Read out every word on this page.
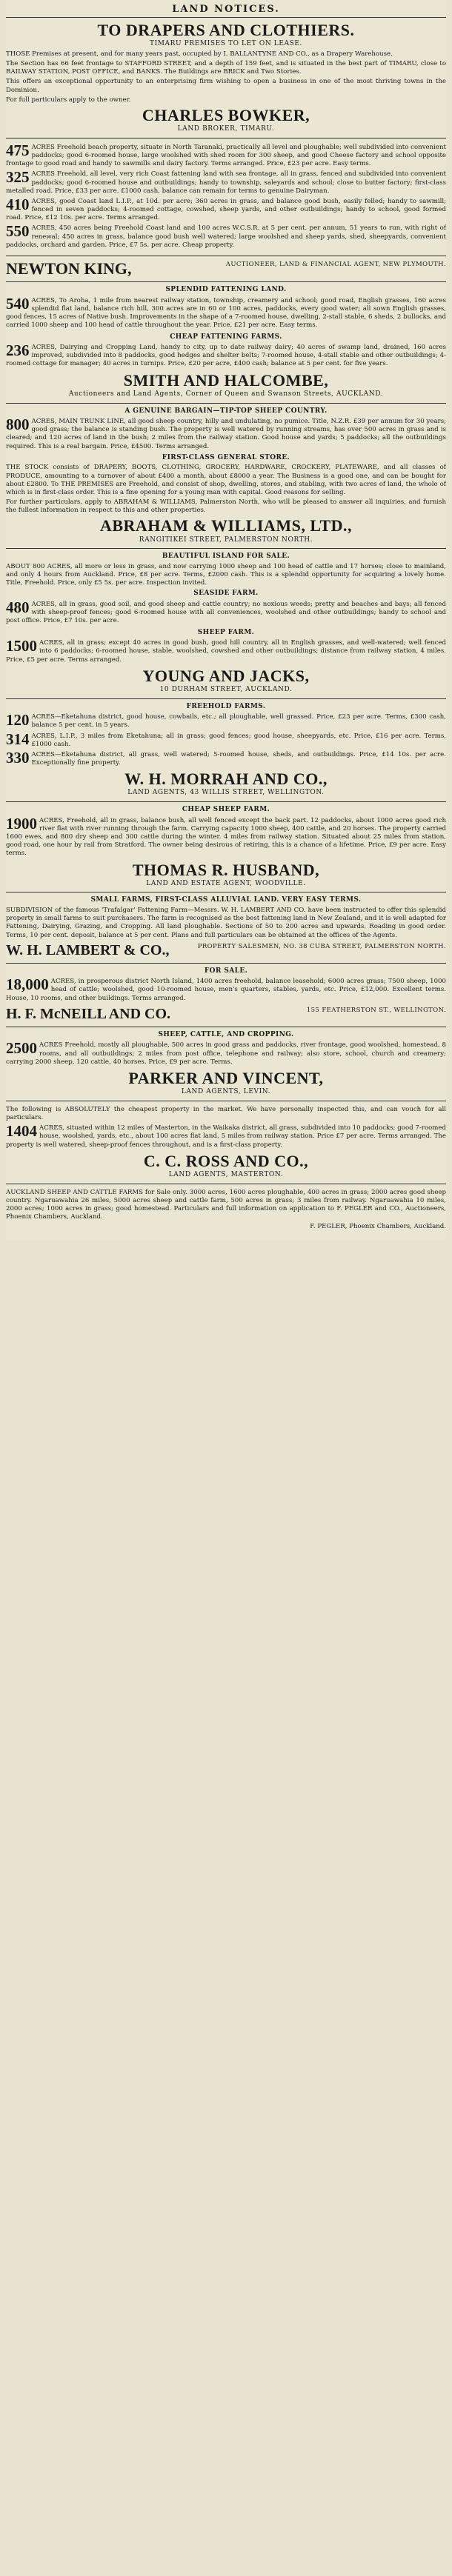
LAND NOTICES.
TO DRAPERS AND CLOTHIERS.
TIMARU PREMISES TO LET ON LEASE.
THOSE Premises at present, and for many years past, occupied by I. BALLANTYNE AND CO., as a Drapery Warehouse.
The Section has 66 feet frontage to STAFFORD STREET, and a depth of 159 feet, and is situated in the best part of TIMARU, close to RAILWAY STATION, POST OFFICE, and BANKS. The Buildings are BRICK and Two Stories.
This offers an exceptional opportunity to an enterprising firm wishing to open a business in one of the most thriving towns in the Dominion.
For full particulars apply to the owner.
CHARLES BOWKER,
LAND BROKER, TIMARU.
475 ACRES Freehold beach property, situate in North Taranaki, practically all level and ploughable; well subdivided into convenient paddocks; good 6-roomed house, large woolshed with shed room for 300 sheep, and good Cheese factory and school opposite frontage to good road and handy to sawmills and dairy factory. Terms arranged. Price, £23 per acre. Easy terms.
325 ACRES Freehold, all level, very rich Coast fattening land with sea frontage, all in grass, fenced and subdivided into convenient paddocks; good 6-roomed house and outbuildings; handy to township, saleyards and school; close to butter factory; first-class metalled road. Price, £33 per acre. £1000 cash, balance can remain for terms to genuine Dairyman.
410 ACRES, good Coast land L.I.P., at 10d. per acre; 360 acres in grass, and balance good bush, easily felled; handy to sawmill; fenced in seven paddocks; 4-roomed cottage, cowshed, sheep yards, and other outbuildings; handy to school, good formed road. Price, £12 10s. per acre. Terms arranged.
550 ACRES, 450 acres being Freehold Coast land and 100 acres W.C.S.R. at 5 per cent. per annum, 51 years to run, with right of renewal; 450 acres in grass, balance good bush well watered; large woolshed and sheep yards, shed, sheepyards, convenient paddocks, orchard and garden. Price, £7 5s. per acre. Cheap property.
NEWTON KING,	AUCTIONEER, LAND & FINANCIAL AGENT, NEW PLYMOUTH.
SPLENDID FATTENING LAND.
540 ACRES, To Aroha, 1 mile from nearest railway station, township, creamery and school; good road, English grasses, 160 acres splendid flat land, balance rich hill, 300 acres are in 60 or 100 acres, paddocks, every good water; all sown English grasses, good fences, 15 acres of Native bush. Improvements in the shape of a 7-roomed house, dwelling, 2-stall stable, 6 sheds, 2 bullocks, and carried 1000 sheep and 100 head of cattle throughout the year. Price, £21 per acre. Easy terms.
CHEAP FATTENING FARMS.
236 ACRES, Dairying and Cropping Land, handy to city, up to date railway dairy; 40 acres of swamp land, drained, 160 acres improved, subdivided into 8 paddocks, good hedges and shelter belts; 7-roomed house, 4-stall stable and other outbuildings; 4-roomed cottage for manager; 40 acres in turnips. Price, £20 per acre, £400 cash; balance at 5 per cent. for five years.
SMITH AND HALCOMBE,
Auctioneers and Land Agents, Corner of Queen and Swanson Streets, AUCKLAND.
A GENUINE BARGAIN—TIP-TOP SHEEP COUNTRY.
800 ACRES, MAIN TRUNK LINE, all good sheep country, hilly and undulating, no pumice. Title, N.Z.R. £39 per annum for 30 years; good grass; the balance is standing bush. The property is well watered by running streams, has over 500 acres in grass and is cleared; and 120 acres of land in the bush; 2 miles from the railway station. Good house and yards; 5 paddocks; all the outbuildings required. This is a real bargain. Price, £4500. Terms arranged.
FIRST-CLASS GENERAL STORE.
THE STOCK consists of DRAPERY, BOOTS, CLOTHING, GROCERY, HARDWARE, CROCKERY, PLATEWARE, and all classes of PRODUCE, amounting to a turnover of about £400 a month, about £8000 a year. The Business is a good one, and can be bought for about £2800. To THE PREMISES are Freehold, and consist of shop, dwelling, stores, and stabling, with two acres of land, the whole of which is in first-class order. This is a fine opening for a young man with capital. Good reasons for selling.
For further particulars, apply to ABRAHAM & WILLIAMS, Palmerston North, who will be pleased to answer all inquiries, and furnish the fullest information in respect to this and other properties.
ABRAHAM & WILLIAMS, LTD.,
RANGITIKEI STREET, PALMERSTON NORTH.
BEAUTIFUL ISLAND FOR SALE.
ABOUT 800 ACRES, all more or less in grass, and now carrying 1000 sheep and 100 head of cattle and 17 horses; close to mainland, and only 4 hours from Auckland. Price, £8 per acre. Terms, £2000 cash. This is a splendid opportunity for acquiring a lovely home. Title, Freehold. Price, only £5 5s. per acre. Inspection invited.
SEASIDE FARM.
480 ACRES, all in grass, good soil, and good sheep and cattle country; no noxious weeds; pretty and beaches and bays; all fenced with sheep-proof fences; good 6-roomed house with all conveniences, woolshed and other outbuildings; handy to school and post office. Price, £7 10s. per acre.
SHEEP FARM.
1500 ACRES, all in grass; except 40 acres in good bush, good hill country, all in English grasses, and well-watered; well fenced into 6 paddocks; 6-roomed house, stable, woolshed, cowshed and other outbuildings; distance from railway station, 4 miles. Price, £5 per acre. Terms arranged.
YOUNG AND JACKS,
10 DURHAM STREET, AUCKLAND.
FREEHOLD FARMS.
120 ACRES—Eketahuna district, good house, cowbails, etc.; all ploughable, well grassed. Price, £23 per acre. Terms, £300 cash, balance 5 per cent. in 5 years.
314 ACRES, L.I.P., 3 miles from Eketahuna; all in grass; good fences; good house, sheepyards, etc. Price, £16 per acre. Terms, £1000 cash.
330 ACRES—Eketahuna district, all grass, well watered; 5-roomed house, sheds, and outbuildings. Price, £14 10s. per acre. Exceptionally fine property.
W. H. MORRAH AND CO.,
LAND AGENTS, 43 WILLIS STREET, WELLINGTON.
CHEAP SHEEP FARM.
1900 ACRES, Freehold, all in grass, balance bush, all well fenced except the back part. 12 paddocks, about 1000 acres good rich river flat with river running through the farm. Carrying capacity 1000 sheep, 400 cattle, and 20 horses. The property carried 1600 ewes, and 800 dry sheep and 300 cattle during the winter. 4 miles from railway station. Situated about 25 miles from station, good road, one hour by rail from Stratford. The owner being desirous of retiring, this is a chance of a lifetime. Price, £9 per acre. Easy terms.
THOMAS R. HUSBAND,
LAND AND ESTATE AGENT, WOODVILLE.
SMALL FARMS, FIRST-CLASS ALLUVIAL LAND. VERY EASY TERMS.
SUBDIVISION of the famous 'Trafalgar' Fattening Farm—Messrs. W. H. LAMBERT AND CO. have been instructed to offer this splendid property in small farms to suit purchasers. The farm is recognised as the best fattening land in New Zealand, and it is well adapted for Fattening, Dairying, Grazing, and Cropping. All land ploughable. Sections of 50 to 200 acres and upwards. Roading in good order. Terms, 10 per cent. deposit, balance at 5 per cent. Plans and full particulars can be obtained at the offices of the Agents.
W. H. LAMBERT & CO.,	PROPERTY SALESMEN, NO. 38 CUBA STREET, PALMERSTON NORTH.
FOR SALE.
18,000 ACRES, in prosperous district North Island, 1400 acres freehold, balance leasehold; 6000 acres grass; 7500 sheep, 1000 head of cattle; woolshed, good 10-roomed house, men's quarters, stables, yards, etc. Price, £12,000. Excellent terms. House, 10 rooms, and other buildings. Terms arranged.
H. F. McNEILL AND CO.	155 FEATHERSTON ST., WELLINGTON.
SHEEP, CATTLE, AND CROPPING.
2500 ACRES Freehold, mostly all ploughable, 500 acres in good grass and paddocks, river frontage, good woolshed, homestead, 8 rooms, and all outbuildings; 2 miles from post office, telephone and railway; also store, school, church and creamery; carrying 2000 sheep, 120 cattle, 40 horses. Price, £9 per acre. Terms.
PARKER AND VINCENT,
LAND AGENTS, LEVIN.
The following is ABSOLUTELY the cheapest property in the market. We have personally inspected this, and can vouch for all particulars.
1404 ACRES, situated within 12 miles of Masterton, in the Waikaka district, all grass, subdivided into 10 paddocks; good 7-roomed house, woolshed, yards, etc., about 100 acres flat land, 5 miles from railway station. Price £7 per acre. Terms arranged. The property is well watered, sheep-proof fences throughout, and is a first-class property.
C. C. ROSS AND CO.,
LAND AGENTS, MASTERTON.
AUCKLAND SHEEP AND CATTLE FARMS for Sale only. 3000 acres, 1600 acres ploughable, 400 acres in grass; 2000 acres good sheep country. Ngaruawahia 26 miles, 5000 acres sheep and cattle farm, 500 acres in grass; 3 miles from railway. Ngaruawahia 10 miles, 2000 acres; 1000 acres in grass; good homestead. Particulars and full information on application to F. PEGLER and CO., Auctioneers, Phoenix Chambers, Auckland.
F. PEGLER, Phoenix Chambers, Auckland.
